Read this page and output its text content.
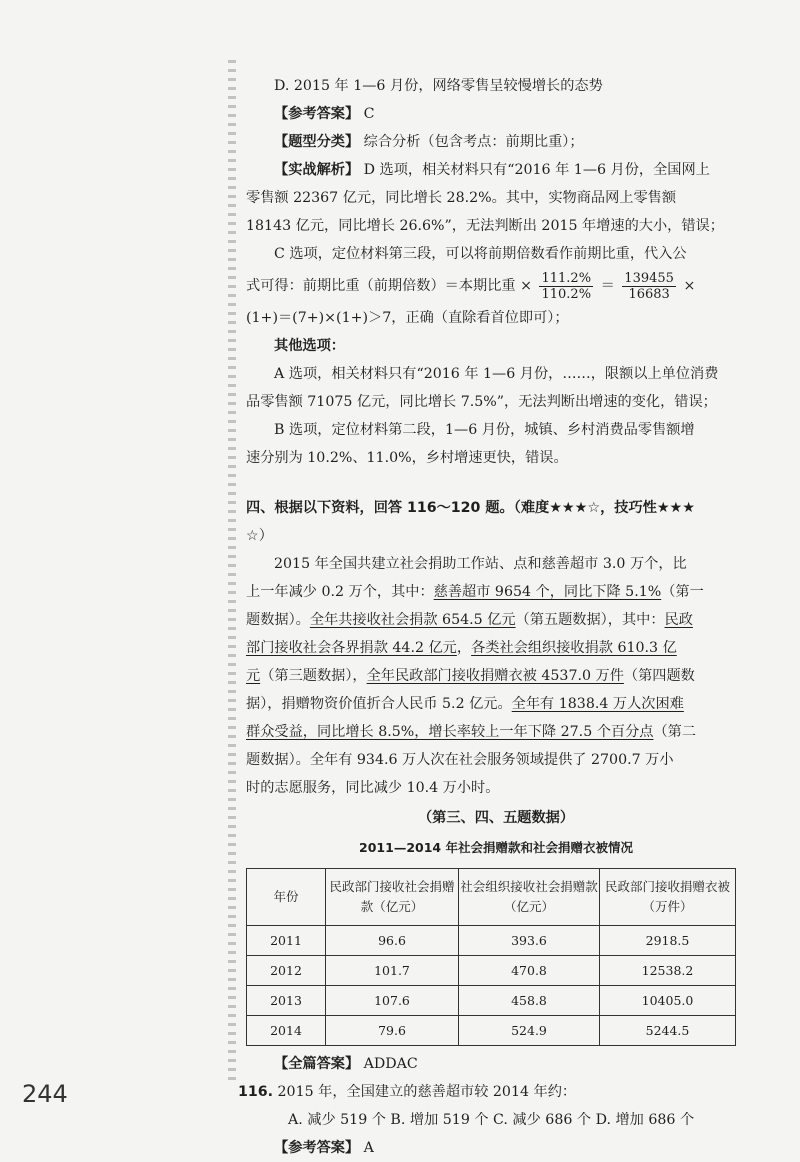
D. 2015 年 1—6 月份，网络零售呈较慢增长的态势
【参考答案】 C
【题型分类】 综合分析（包含考点：前期比重）；
【实战解析】 D 选项，相关材料只有“2016 年 1—6 月份，全国网上
零售额 22367 亿元，同比增长 28.2%。其中，实物商品网上零售额
18143 亿元，同比增长 26.6%”，无法判断出 2015 年增速的大小，错误；
C 选项，定位材料第三段，可以将前期倍数看作前期比重，代入公
式可得：前期比重（前期倍数）＝本期比重 × $\frac{111.2\%}{110.2\%} = \frac{139455}{16683}$ ×
(1+)＝(7+)×(1+)＞7，正确（直除看首位即可）；
其他选项：
A 选项，相关材料只有“2016 年 1—6 月份，……，限额以上单位消费
品零售额 71075 亿元，同比增长 7.5%”，无法判断出增速的变化，错误；
B 选项，定位材料第二段，1—6 月份，城镇、乡村消费品零售额增
速分别为 10.2%、11.0%，乡村增速更快，错误。
四、根据以下资料，回答 116～120 题。（难度★★★☆，技巧性★★★
☆）
2015 年全国共建立社会捐助工作站、点和慈善超市 3.0 万个，比
上一年减少 0.2 万个，其中：慈善超市 9654 个，同比下降 5.1%（第一
题数据）。全年共接收社会捐款 654.5 亿元（第五题数据），其中：民政
部门接收社会各界捐款 44.2 亿元，各类社会组织接收捐款 610.3 亿
元（第三题数据），全年民政部门接收捐赠衣被 4537.0 万件（第四题数
据），捐赠物资价值折合人民币 5.2 亿元。全年有 1838.4 万人次困难
群众受益，同比增长 8.5%，增长率较上一年下降 27.5 个百分点（第二
题数据）。全年有 934.6 万人次在社会服务领域提供了 2700.7 万小
时的志愿服务，同比减少 10.4 万小时。
（第三、四、五题数据）
2011—2014 年社会捐赠款和社会捐赠衣被情况
年份	民政部门接收社会捐赠款（亿元）	社会组织接收社会捐赠款（亿元）	民政部门接收捐赠衣被（万件）
2011	96.6	393.6	2918.5
2012	101.7	470.8	12538.2
2013	107.6	458.8	10405.0
2014	79.6	524.9	5244.5
【全篇答案】 ADDAC
116. 2015 年，全国建立的慈善超市较 2014 年约：
A. 减少 519 个 B. 增加 519 个 C. 减少 686 个 D. 增加 686 个
【参考答案】 A
244
